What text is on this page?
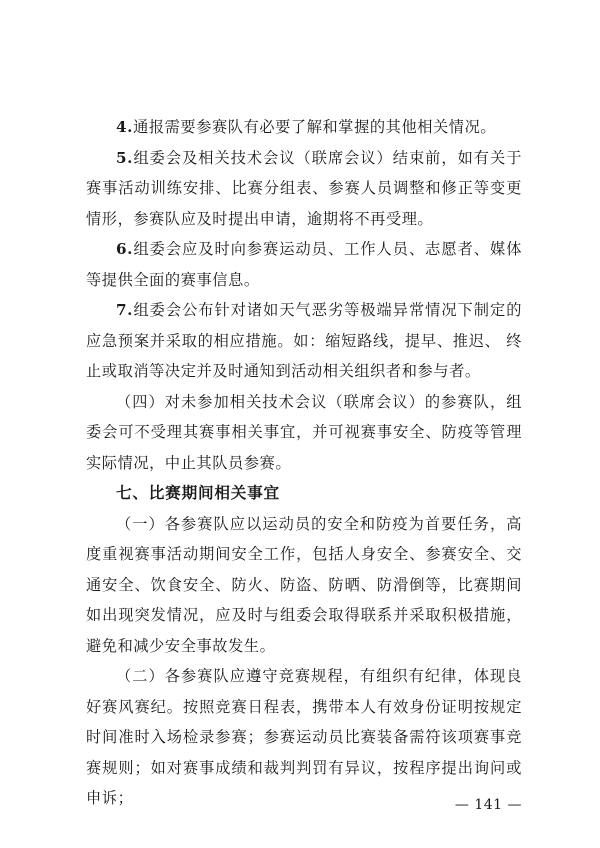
4.通报需要参赛队有必要了解和掌握的其他相关情况。

5.组委会及相关技术会议（联席会议）结束前，如有关于赛事活动训练安排、比赛分组表、参赛人员调整和修正等变更情形，参赛队应及时提出申请，逾期将不再受理。

6.组委会应及时向参赛运动员、工作人员、志愿者、媒体等提供全面的赛事信息。

7.组委会公布针对诸如天气恶劣等极端异常情况下制定的应急预案并采取的相应措施。如：缩短路线，提早、推迟、 终止或取消等决定并及时通知到活动相关组织者和参与者。

（四）对未参加相关技术会议（联席会议）的参赛队，组委会可不受理其赛事相关事宜，并可视赛事安全、防疫等管理实际情况，中止其队员参赛。

七、比赛期间相关事宜

（一）各参赛队应以运动员的安全和防疫为首要任务，高度重视赛事活动期间安全工作，包括人身安全、参赛安全、交通安全、饮食安全、防火、防盗、防晒、防滑倒等，比赛期间如出现突发情况，应及时与组委会取得联系并采取积极措施，避免和减少安全事故发生。

（二）各参赛队应遵守竞赛规程，有组织有纪律，体现良好赛风赛纪。按照竞赛日程表，携带本人有效身份证明按规定时间准时入场检录参赛；参赛运动员比赛装备需符该项赛事竞赛规则；如对赛事成绩和裁判判罚有异议，按程序提出询问或申诉；	— 141 —
